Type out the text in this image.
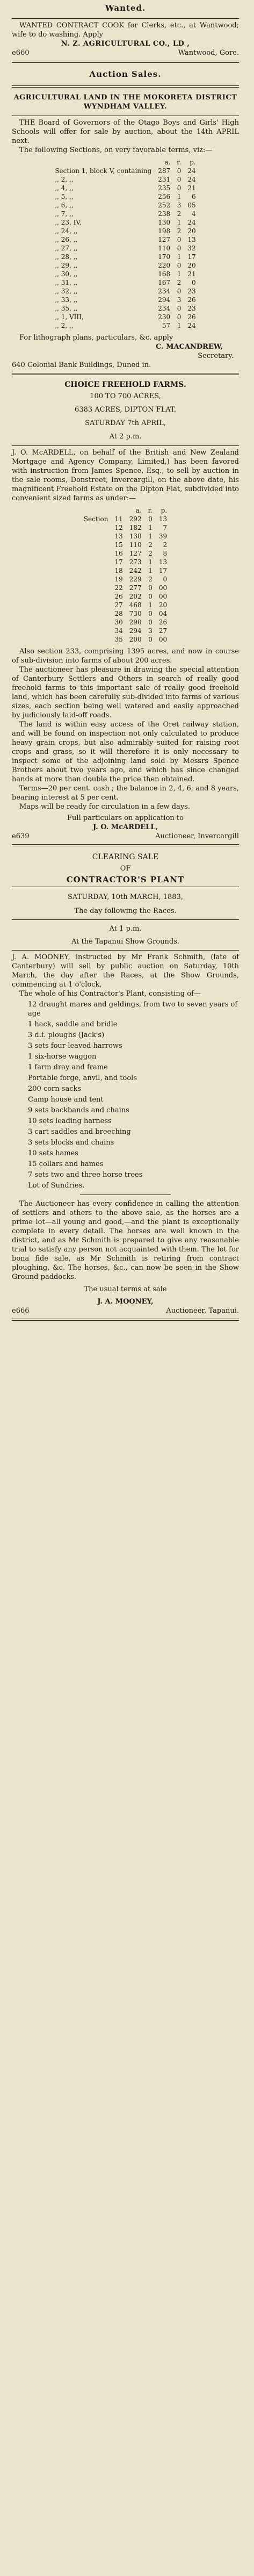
Wanted.
WANTED CONTRACT COOK for Clerks, etc., at Wantwood; wife to do washing. Apply
N. Z. AGRICULTURAL CO., LD ,
e660	Wantwood, Gore.
Auction Sales.
AGRICULTURAL LAND IN THE MOKORETA DISTRICT WYNDHAM VALLEY.
THE Board of Governors of the Otago Boys and Girls' High Schools will offer for sale by auction, about the 14th APRIL next.
The following Sections, on very favorable terms, viz:—
	a.	r.	p.
Section 1, block V, containing	287	0	24
,, 2, ,,	231	0	24
,, 4, ,,	235	0	21
,, 5, ,,	256	1	6
,, 6, ,,	252	3	05
,, 7, ,,	238	2	4
,, 23, IV,	130	1	24
,, 24, ,,	198	2	20
,, 26, ,,	127	0	13
,, 27, ,,	110	0	32
,, 28, ,,	170	1	17
,, 29, ,,	220	0	20
,, 30, ,,	168	1	21
,, 31, ,,	167	2	0
,, 32, ,,	234	0	23
,, 33, ,,	294	3	26
,, 35, ,,	234	0	23
,, 1, VIII,	230	0	26
,, 2, ,,	57	1	24
For lithograph plans, particulars, &c. apply
C. MACANDREW,
Secretary.
640 Colonial Bank Buildings, Duned in.
CHOICE FREEHOLD FARMS.
100 TO 700 ACRES,
6383 ACRES, DIPTON FLAT.
SATURDAY 7th APRIL,
At 2 p.m.
J. O. McARDELL, on behalf of the British and New Zealand Mortgage and Agency Company, Limited,) has been favored with instruction from James Spence, Esq., to sell by auction in the sale rooms, Donstreet, Invercargill, on the above date, his magnificent Freehold Estate on the Dipton Flat, subdivided into convenient sized farms as under:—
		a.	r.	p.
Section	11	292	0	13
	12	182	1	7
	13	138	1	39
	15	110	2	2
	16	127	2	8
	17	273	1	13
	18	242	1	17
	19	229	2	0
	22	277	0	00
	26	202	0	00
	27	468	1	20
	28	730	0	04
	30	290	0	26
	34	294	3	27
	35	200	0	00
Also section 233, comprising 1395 acres, and now in course of sub-division into farms of about 200 acres.
The auctioneer has pleasure in drawing the special attention of Canterbury Settlers and Others in search of really good freehold farms to this important sale of really good freehold land, which has been carefully sub-divided into farms of various sizes, each section being well watered and easily approached by judiciously laid-off roads.
The land is within easy access of the Oret railway station, and will be found on inspection not only calculated to produce heavy grain crops, but also admirably suited for raising root crops and grass, so it will therefore it is only necessary to inspect some of the adjoining land sold by Messrs Spence Brothers about two years ago, and which has since changed hands at more than double the price then obtained.
Terms—20 per cent. cash ; the balance in 2, 4, 6, and 8 years, bearing interest at 5 per cent.
Maps will be ready for circulation in a few days.
Full particulars on application to
J. O. McARDELL,
e639	Auctioneer, Invercargill
CLEARING SALE
OF
CONTRACTOR'S PLANT
SATURDAY, 10th MARCH, 1883,
The day following the Races.
At 1 p.m.
At the Tapanui Show Grounds.
J. A. MOONEY, instructed by Mr Frank Schmith, (late of Canterbury) will sell by public auction on Saturday, 10th March, the day after the Races, at the Show Grounds, commencing at 1 o'clock,
The whole of his Contractor's Plant, consisting of—
12 draught mares and geldings, from two to seven years of age
1 hack, saddle and bridle
3 d.f. ploughs (Jack's)
3 sets four-leaved harrows
1 six-horse waggon
1 farm dray and frame
Portable forge, anvil, and tools
200 corn sacks
Camp house and tent
9 sets backbands and chains
10 sets leading harness
3 cart saddles and breeching
3 sets blocks and chains
10 sets hames
15 collars and hames
7 sets two and three horse trees
Lot of Sundries.
The Auctioneer has every confidence in calling the attention of settlers and others to the above sale, as the horses are a prime lot—all young and good,—and the plant is exceptionally complete in every detail. The horses are well known in the district, and as Mr Schmith is prepared to give any reasonable trial to satisfy any person not acquainted with them. The lot for bona fide sale, as Mr Schmith is retiring from contract ploughing, &c. The horses, &c., can now be seen in the Show Ground paddocks.
The usual terms at sale
J. A. MOONEY,
e666	Auctioneer, Tapanui.
